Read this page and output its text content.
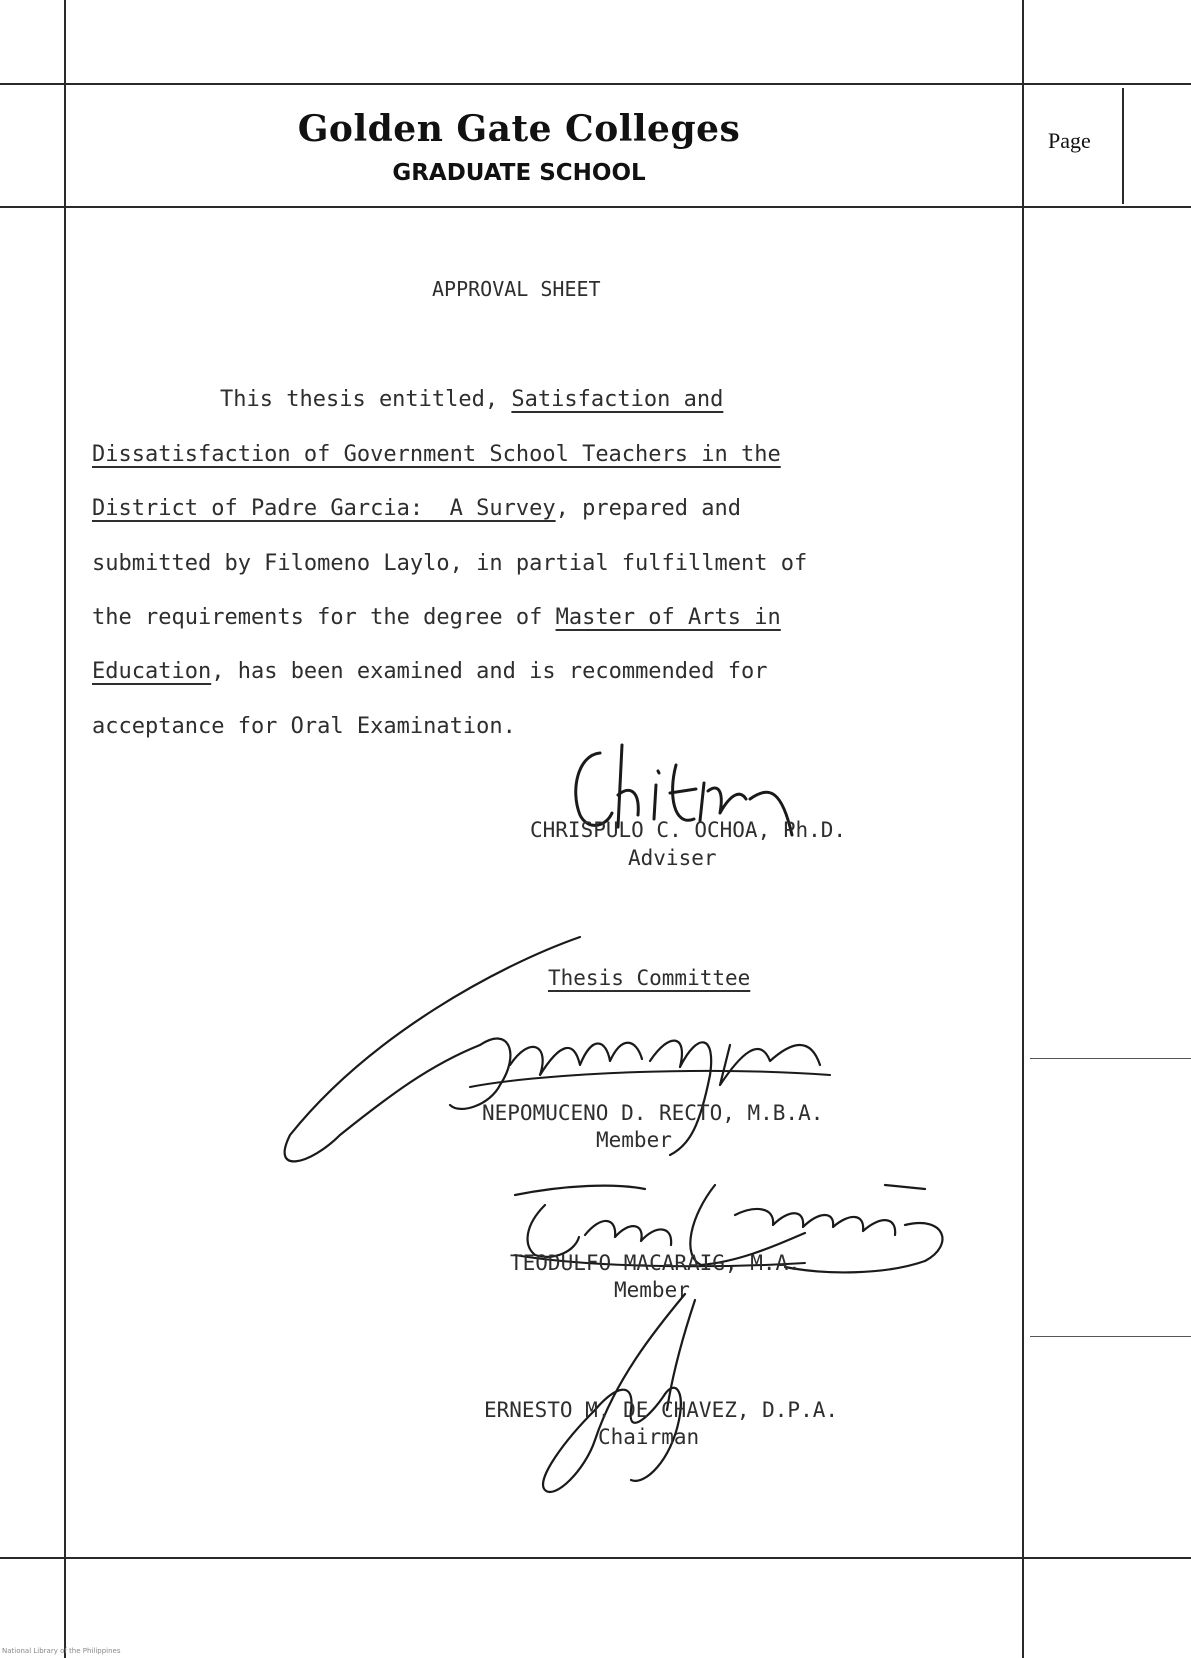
Golden Gate Colleges
GRADUATE SCHOOL
Page
APPROVAL SHEET
This thesis entitled, Satisfaction and
Dissatisfaction of Government School Teachers in the
District of Padre Garcia:  A Survey, prepared and
submitted by Filomeno Laylo, in partial fulfillment of
the requirements for the degree of Master of Arts in
Education, has been examined and is recommended for
acceptance for Oral Examination.
CHRISPULO C. OCHOA, Ph.D.
Adviser
Thesis Committee
NEPOMUCENO D. RECTO, M.B.A.
Member
TEODULFO MACARAIG, M.A.
Member
ERNESTO M. DE CHAVEZ, D.P.A.
Chairman
National Library of the Philippines
